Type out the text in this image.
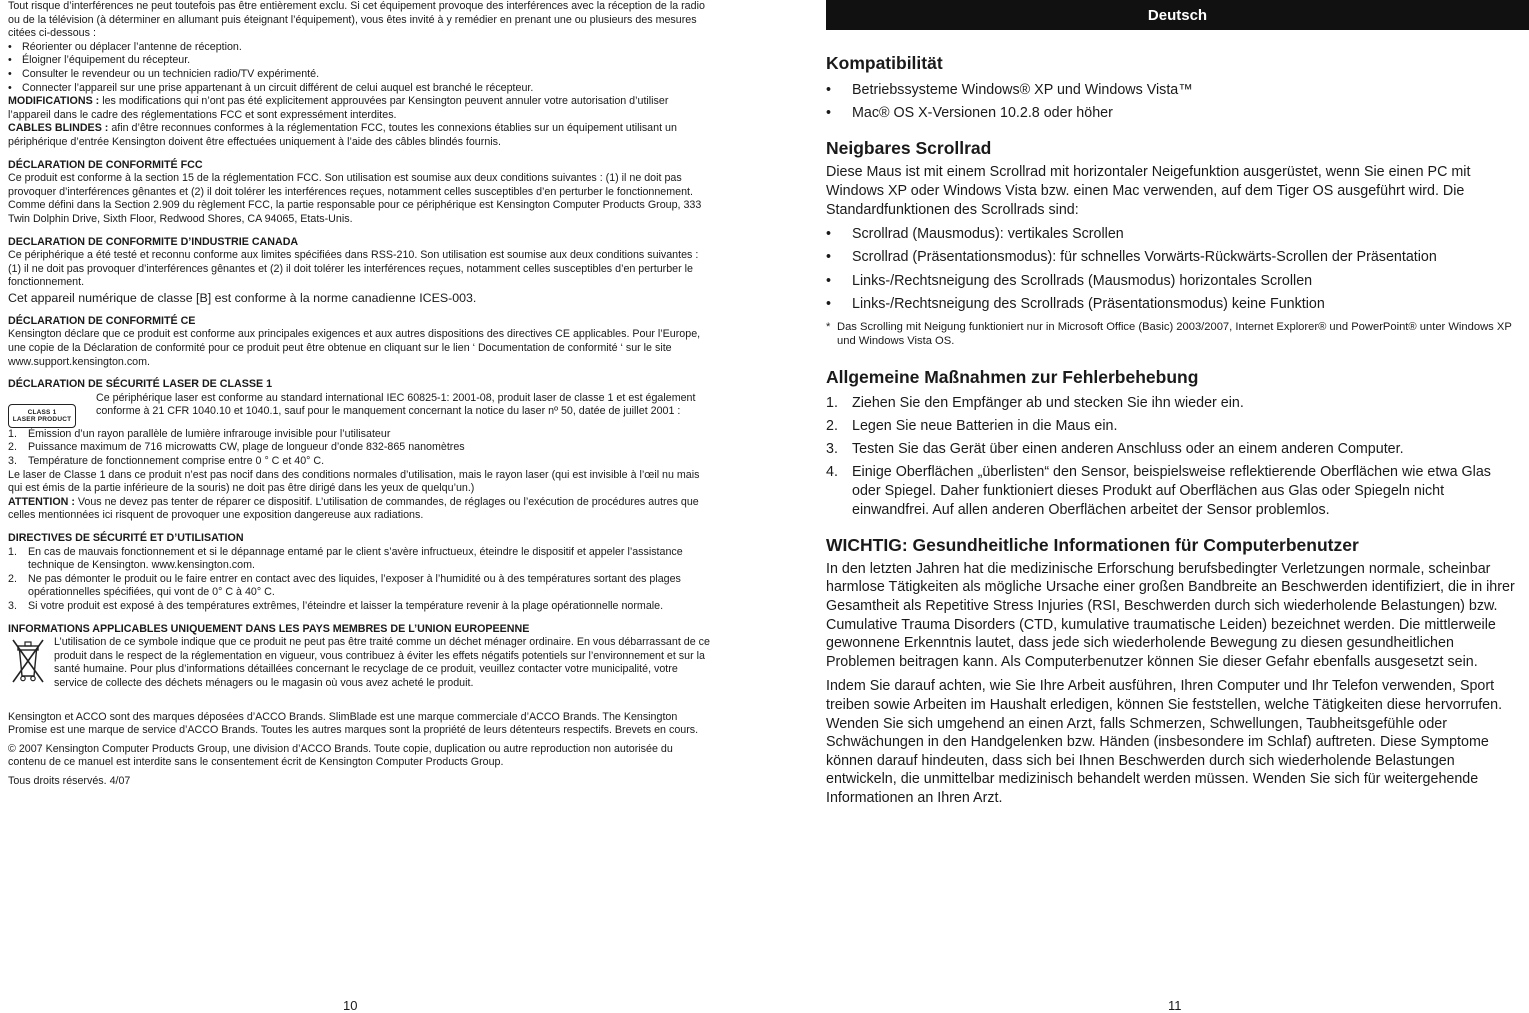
Tout risque d’interférences ne peut toutefois pas être entièrement exclu. Si cet équipement provoque des interférences avec la réception de la radio ou de la télévision (à déterminer en allumant puis éteignant l’équipement), vous êtes invité à y remédier en prenant une ou plusieurs des mesures citées ci-dessous :

• Réorienter ou déplacer l’antenne de réception.
• Éloigner l’équipement du récepteur.
• Consulter le revendeur ou un technicien radio/TV expérimenté.
• Connecter l’appareil sur une prise appartenant à un circuit différent de celui auquel est branché le récepteur.

MODIFICATIONS : les modifications qui n’ont pas été explicitement approuvées par Kensington peuvent annuler votre autorisation d’utiliser l’appareil dans le cadre des réglementations FCC et sont expressément interdites.

CABLES BLINDES : afin d’être reconnues conformes à la réglementation FCC, toutes les connexions établies sur un équipement utilisant un périphérique d’entrée Kensington doivent être effectuées uniquement à l’aide des câbles blindés fournis.

DÉCLARATION DE CONFORMITÉ FCC

Ce produit est conforme à la section 15 de la réglementation FCC. Son utilisation est soumise aux deux conditions suivantes : (1) il ne doit pas provoquer d’interférences gênantes et (2) il doit tolérer les interférences reçues, notamment celles susceptibles d’en perturber le fonctionnement. Comme défini dans la Section 2.909 du règlement FCC, la partie responsable pour ce périphérique est Kensington Computer Products Group, 333 Twin Dolphin Drive, Sixth Floor, Redwood Shores, CA 94065, Etats-Unis.

DECLARATION DE CONFORMITE D’INDUSTRIE CANADA

Ce périphérique a été testé et reconnu conforme aux limites spécifiées dans RSS-210. Son utilisation est soumise aux deux conditions suivantes : (1) il ne doit pas provoquer d’interférences gênantes et (2) il doit tolérer les interférences reçues, notamment celles susceptibles d’en perturber le fonctionnement.

Cet appareil numérique de classe [B] est conforme à la norme canadienne ICES-003.

DÉCLARATION DE CONFORMITÉ CE

Kensington déclare que ce produit est conforme aux principales exigences et aux autres dispositions des directives CE applicables. Pour l’Europe, une copie de la Déclaration de conformité pour ce produit peut être obtenue en cliquant sur le lien ‘ Documentation de conformité ‘ sur le site www.support.kensington.com.

DÉCLARATION DE SÉCURITÉ LASER DE CLASSE 1

CLASS 1
LASER PRODUCT

Ce périphérique laser est conforme au standard international IEC 60825-1: 2001-08, produit laser de classe 1 et est également conforme à 21 CFR 1040.10 et 1040.1, sauf pour le manquement concernant la notice du laser nº 50, datée de juillet 2001 :

1. Émission d’un rayon parallèle de lumière infrarouge invisible pour l’utilisateur
2. Puissance maximum de 716 microwatts CW, plage de longueur d’onde 832-865 nanomètres
3. Température de fonctionnement comprise entre 0 ° C et 40° C.

Le laser de Classe 1 dans ce produit n’est pas nocif dans des conditions normales d’utilisation, mais le rayon laser (qui est invisible à l’œil nu mais qui est émis de la partie inférieure de la souris) ne doit pas être dirigé dans les yeux de quelqu’un.)

ATTENTION : Vous ne devez pas tenter de réparer ce dispositif. L’utilisation de commandes, de réglages ou l’exécution de procédures autres que celles mentionnées ici risquent de provoquer une exposition dangereuse aux radiations.

DIRECTIVES DE SÉCURITÉ ET D’UTILISATION

1. En cas de mauvais fonctionnement et si le dépannage entamé par le client s’avère infructueux, éteindre le dispositif et appeler l’assistance technique de Kensington. www.kensington.com.
2. Ne pas démonter le produit ou le faire entrer en contact avec des liquides, l’exposer à l’humidité ou à des températures sortant des plages opérationnelles spécifiées, qui vont de 0° C à 40° C.
3. Si votre produit est exposé à des températures extrêmes, l’éteindre et laisser la température revenir à la plage opérationnelle normale.

INFORMATIONS APPLICABLES UNIQUEMENT DANS LES PAYS MEMBRES DE L’UNION EUROPEENNE

L’utilisation de ce symbole indique que ce produit ne peut pas être traité comme un déchet ménager ordinaire. En vous débarrassant de ce produit dans le respect de la réglementation en vigueur, vous contribuez à éviter les effets négatifs potentiels sur l’environnement et sur la santé humaine. Pour plus d’informations détaillées concernant le recyclage de ce produit, veuillez contacter votre municipalité, votre service de collecte des déchets ménagers ou le magasin où vous avez acheté le produit.

Kensington et ACCO sont des marques déposées d’ACCO Brands. SlimBlade est une marque commerciale d’ACCO Brands. The Kensington Promise est une marque de service d’ACCO Brands. Toutes les autres marques sont la propriété de leurs détenteurs respectifs. Brevets en cours.

© 2007 Kensington Computer Products Group, une division d’ACCO Brands. Toute copie, duplication ou autre reproduction non autorisée du contenu de ce manuel est interdite sans le consentement écrit de Kensington Computer Products Group.

Tous droits réservés. 4/07

10
Deutsch

Kompatibilität

• Betriebssysteme Windows® XP und Windows Vista™
• Mac® OS X-Versionen 10.2.8 oder höher

Neigbares Scrollrad

Diese Maus ist mit einem Scrollrad mit horizontaler Neigefunktion ausgerüstet, wenn Sie einen PC mit Windows XP oder Windows Vista bzw. einen Mac verwenden, auf dem Tiger OS ausgeführt wird. Die Standardfunktionen des Scrollrads sind:

• Scrollrad (Mausmodus): vertikales Scrollen
• Scrollrad (Präsentationsmodus): für schnelles Vorwärts-Rückwärts-Scrollen der Präsentation
• Links-/Rechtsneigung des Scrollrads (Mausmodus) horizontales Scrollen
• Links-/Rechtsneigung des Scrollrads (Präsentationsmodus) keine Funktion

* Das Scrolling mit Neigung funktioniert nur in Microsoft Office (Basic) 2003/2007, Internet Explorer® und PowerPoint® unter Windows XP und Windows Vista OS.

Allgemeine Maßnahmen zur Fehlerbehebung

1. Ziehen Sie den Empfänger ab und stecken Sie ihn wieder ein.
2. Legen Sie neue Batterien in die Maus ein.
3. Testen Sie das Gerät über einen anderen Anschluss oder an einem anderen Computer.
4. Einige Oberflächen „überlisten“ den Sensor, beispielsweise reflektierende Oberflächen wie etwa Glas oder Spiegel. Daher funktioniert dieses Produkt auf Oberflächen aus Glas oder Spiegeln nicht einwandfrei. Auf allen anderen Oberflächen arbeitet der Sensor problemlos.

WICHTIG: Gesundheitliche Informationen für Computerbenutzer

In den letzten Jahren hat die medizinische Erforschung berufsbedingter Verletzungen normale, scheinbar harmlose Tätigkeiten als mögliche Ursache einer großen Bandbreite an Beschwerden identifiziert, die in ihrer Gesamtheit als Repetitive Stress Injuries (RSI, Beschwerden durch sich wiederholende Belastungen) bzw. Cumulative Trauma Disorders (CTD, kumulative traumatische Leiden) bezeichnet werden. Die mittlerweile gewonnene Erkenntnis lautet, dass jede sich wiederholende Bewegung zu diesen gesundheitlichen Problemen beitragen kann. Als Computerbenutzer können Sie dieser Gefahr ebenfalls ausgesetzt sein.

Indem Sie darauf achten, wie Sie Ihre Arbeit ausführen, Ihren Computer und Ihr Telefon verwenden, Sport treiben sowie Arbeiten im Haushalt erledigen, können Sie feststellen, welche Tätigkeiten diese hervorrufen. Wenden Sie sich umgehend an einen Arzt, falls Schmerzen, Schwellungen, Taubheitsgefühle oder Schwächungen in den Handgelenken bzw. Händen (insbesondere im Schlaf) auftreten. Diese Symptome können darauf hindeuten, dass sich bei Ihnen Beschwerden durch sich wiederholende Belastungen entwickeln, die unmittelbar medizinisch behandelt werden müssen. Wenden Sie sich für weitergehende Informationen an Ihren Arzt.

11
